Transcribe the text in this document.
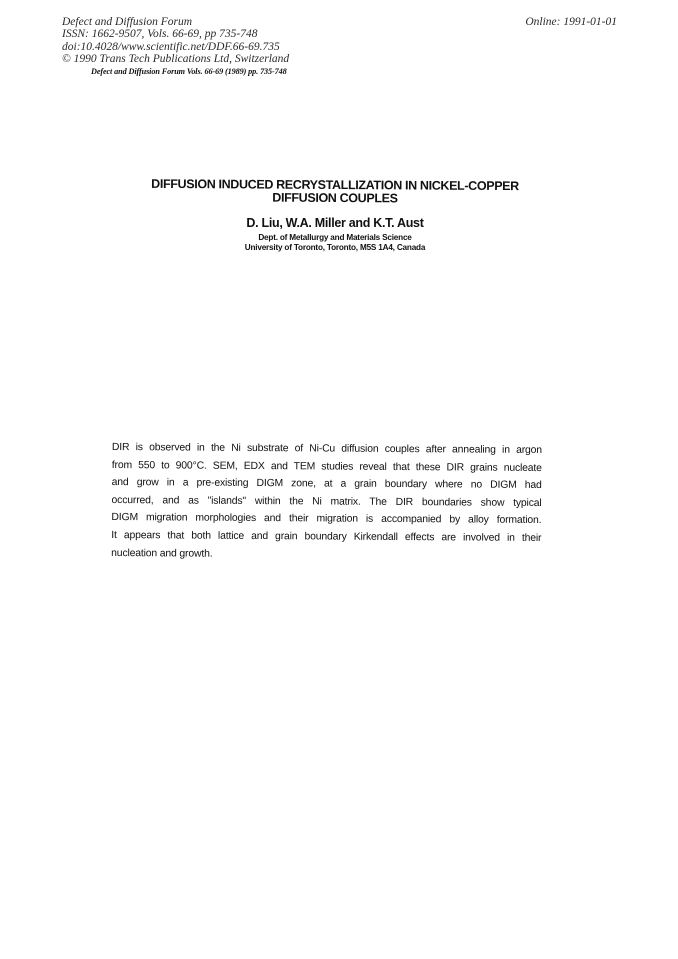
Defect and Diffusion Forum
ISSN: 1662-9507, Vols. 66-69, pp 735-748
doi:10.4028/www.scientific.net/DDF.66-69.735
© 1990 Trans Tech Publications Ltd, Switzerland
Online: 1991-01-01
Defect and Diffusion Forum Vols. 66-69 (1989) pp. 735-748
DIFFUSION INDUCED RECRYSTALLIZATION IN NICKEL-COPPER
DIFFUSION COUPLES
D. Liu, W.A. Miller and K.T. Aust
Dept. of Metallurgy and Materials Science
University of Toronto, Toronto, M5S 1A4, Canada
DIR is observed in the Ni substrate of Ni-Cu diffusion couples after annealing in argon
from 550 to 900°C. SEM, EDX and TEM studies reveal that these DIR grains nucleate
and grow in a pre-existing DIGM zone, at a grain boundary where no DIGM had
occurred, and as "islands" within the Ni matrix. The DIR boundaries show typical
DIGM migration morphologies and their migration is accompanied by alloy formation.
It appears that both lattice and grain boundary Kirkendall effects are involved in their
nucleation and growth.
